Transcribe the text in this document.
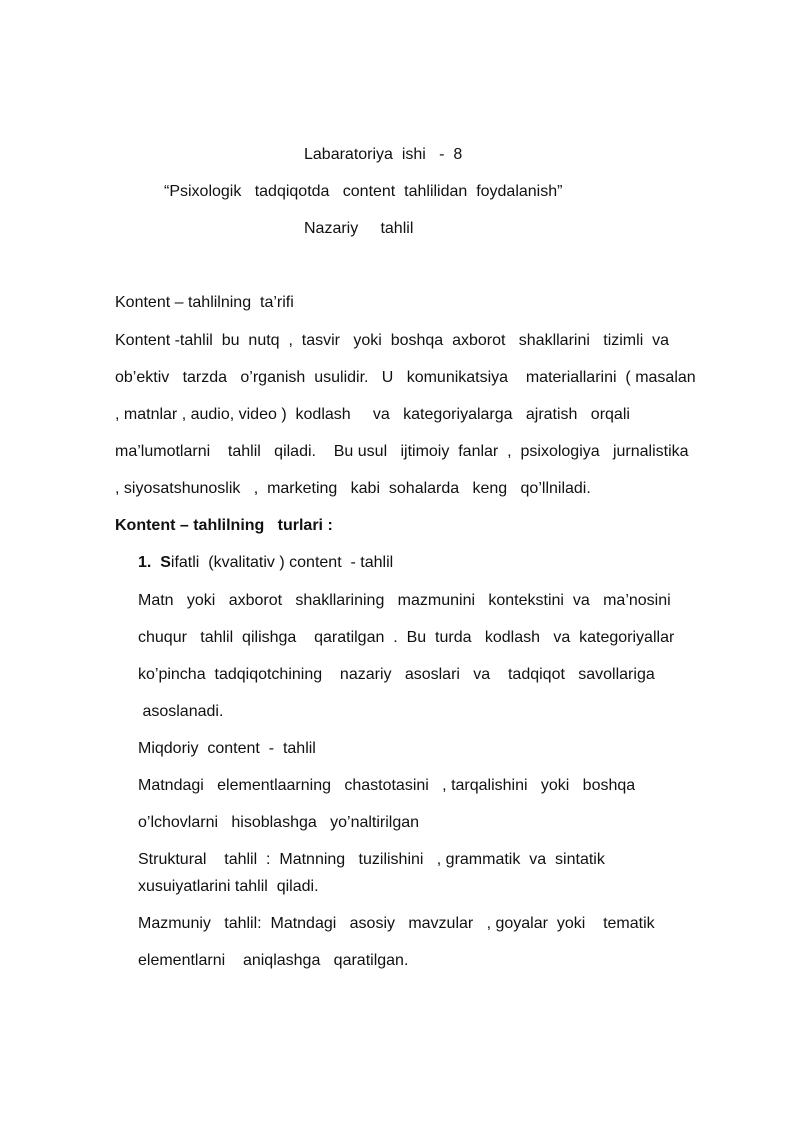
Labaratoriya  ishi   -  8
“Psixologik   tadqiqotda   content  tahlilidan  foydalanish”
Nazariy     tahlil
Kontent – tahlilning  ta’rifi
Kontent -tahlil  bu  nutq  ,  tasvir   yoki  boshqa  axborot   shakllarini   tizimli  va
ob’ektiv   tarzda   o’rganish  usulidir.   U   komunikatsiya    materiallarini  ( masalan
, matnlar , audio, video )  kodlash     va   kategoriyalarga   ajratish   orqali
ma’lumotlarni    tahlil   qiladi.    Bu usul   ijtimoiy  fanlar  ,  psixologiya   jurnalistika
, siyosatshunoslik   ,  marketing   kabi  sohalarda   keng   qo’llniladi.
Kontent – tahlilning   turlari :
1. Sifatli  (kvalitativ ) content  - tahlil
Matn   yoki   axborot   shakllarining   mazmunini   kontekstini  va   ma’nosini
chuqur   tahlil  qilishga    qaratilgan  .  Bu  turda   kodlash   va  kategoriyallar
ko’pincha  tadqiqotchining    nazariy   asoslari   va    tadqiqot   savollariga
asoslanadi.
Miqdoriy  content  -  tahlil
Matndagi   elementlaarning   chastotasini   , tarqalishini   yoki   boshqa
o’lchovlarni   hisoblashga   yo’naltirilgan
Struktural    tahlil  :  Matnning   tuzilishini   , grammatik  va  sintatik
xusuiyatlarini tahlil  qiladi.
Mazmuniy   tahlil:  Matndagi   asosiy   mavzular   , goyalar  yoki    tematik
elementlarni    aniqlashga   qaratilgan.
